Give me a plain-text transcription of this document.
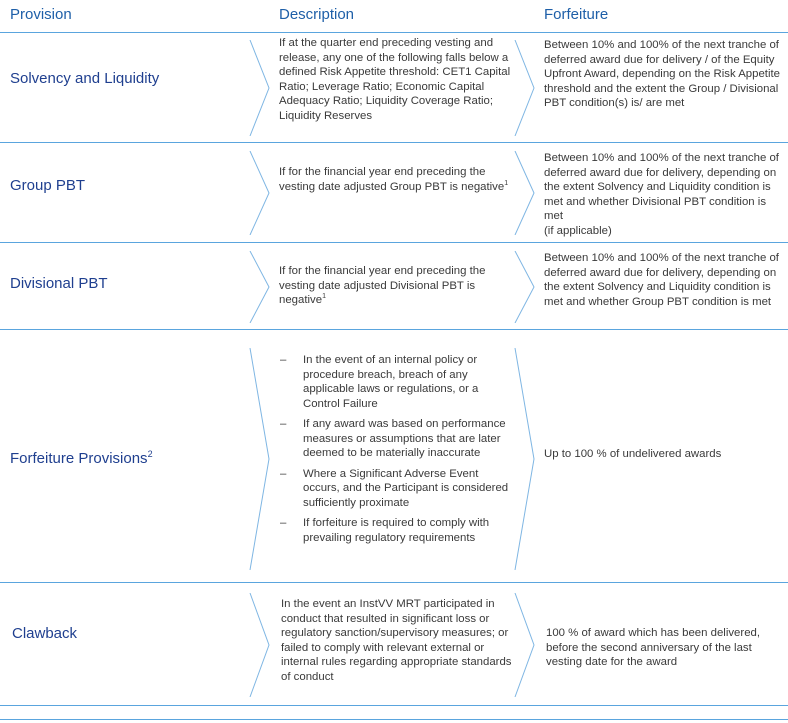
Provision	Description	Forfeiture
Solvency and Liquidity
If at the quarter end preceding vesting and release, any one of the following falls below a defined Risk Appetite threshold: CET1 Capital Ratio; Leverage Ratio; Economic Capital Adequacy Ratio; Liquidity Coverage Ratio; Liquidity Reserves
Between 10% and 100% of the next tranche of deferred award due for delivery / of the Equity Upfront Award, depending on the Risk Appetite threshold and the extent the Group / Divisional PBT condition(s) is/ are met
Group PBT
If for the financial year end preceding the vesting date adjusted Group PBT is negative$^1$
Between 10% and 100% of the next tranche of deferred award due for delivery, depending on the extent Solvency and Liquidity condition is met and whether Divisional PBT condition is met
(if applicable)
Divisional PBT
If for the financial year end preceding the vesting date adjusted Divisional PBT is negative$^1$
Between 10% and 100% of the next tranche of deferred award due for delivery, depending on the extent Solvency and Liquidity condition is met and whether Group PBT condition is met
Forfeiture Provisions$^2$
– In the event of an internal policy or procedure breach, breach of any applicable laws or regulations, or a Control Failure
– If any award was based on performance measures or assumptions that are later deemed to be materially inaccurate
– Where a Significant Adverse Event occurs, and the Participant is considered sufficiently proximate
– If forfeiture is required to comply with prevailing regulatory requirements
Up to 100 % of undelivered awards
Clawback
In the event an InstVV MRT participated in conduct that resulted in significant loss or regulatory sanction/supervisory measures; or failed to comply with relevant external or internal rules regarding appropriate standards of conduct
100 % of award which has been delivered, before the second anniversary of the last vesting date for the award
